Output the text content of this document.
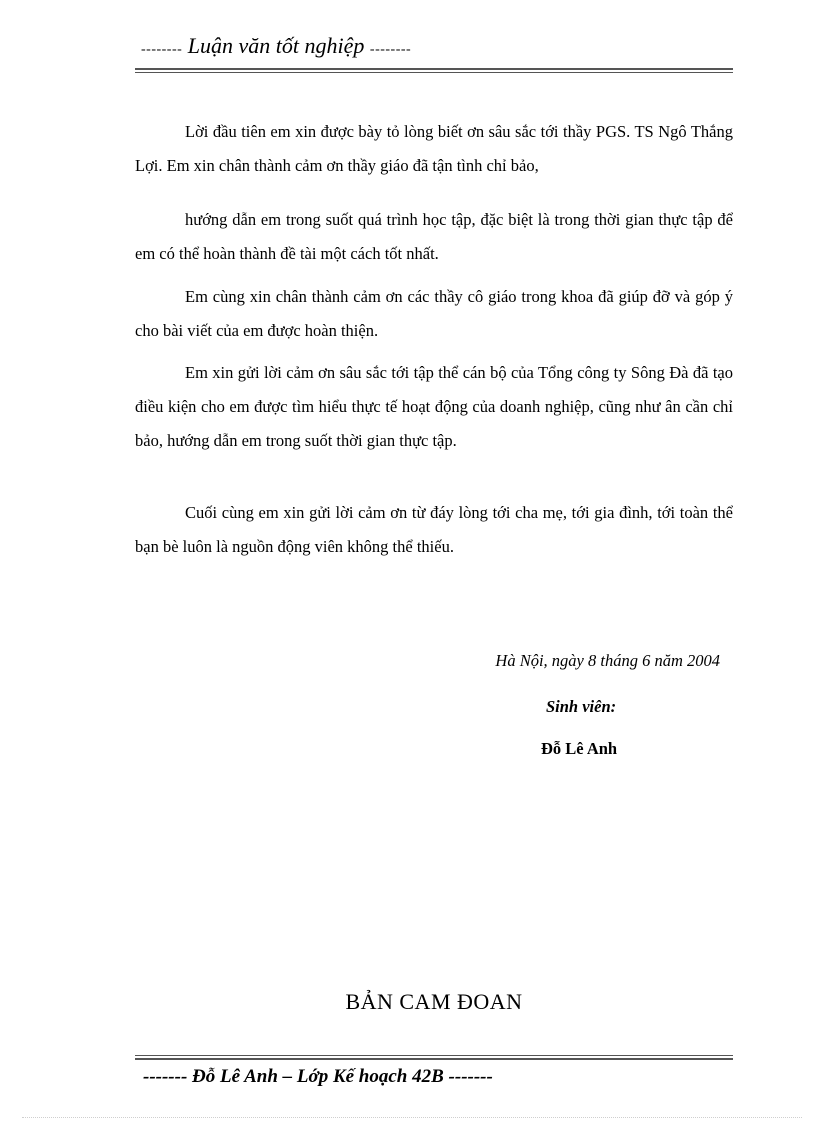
-------- Luận văn tốt nghiệp --------

Lời đầu tiên em xin được bày tỏ lòng biết ơn sâu sắc tới thầy PGS. TS Ngô Thắng Lợi. Em xin chân thành cảm ơn thầy giáo đã tận tình chỉ bảo,

hướng dẫn em trong suốt quá trình học tập, đặc biệt là trong thời gian thực tập để em có thể hoàn thành đề tài một cách tốt nhất.

Em cùng xin chân thành cảm ơn các thầy cô giáo trong khoa đã giúp đỡ và góp ý cho bài viết của em được hoàn thiện.

Em xin gửi lời cảm ơn sâu sắc tới tập thể cán bộ của Tổng công ty Sông Đà đã tạo điều kiện cho em được tìm hiểu thực tế hoạt động của doanh nghiệp, cũng như ân cần chỉ bảo, hướng dẫn em trong suốt thời gian thực tập.

Cuối cùng em xin gửi lời cảm ơn từ đáy lòng tới cha mẹ, tới gia đình, tới toàn thể bạn bè luôn là nguồn động viên không thể thiếu.

Hà Nội, ngày 8 tháng 6 năm 2004
Sinh viên:
Đỗ Lê Anh
BẢN CAM ĐOAN
------- Đỗ Lê Anh – Lớp Kế hoạch 42B -------
